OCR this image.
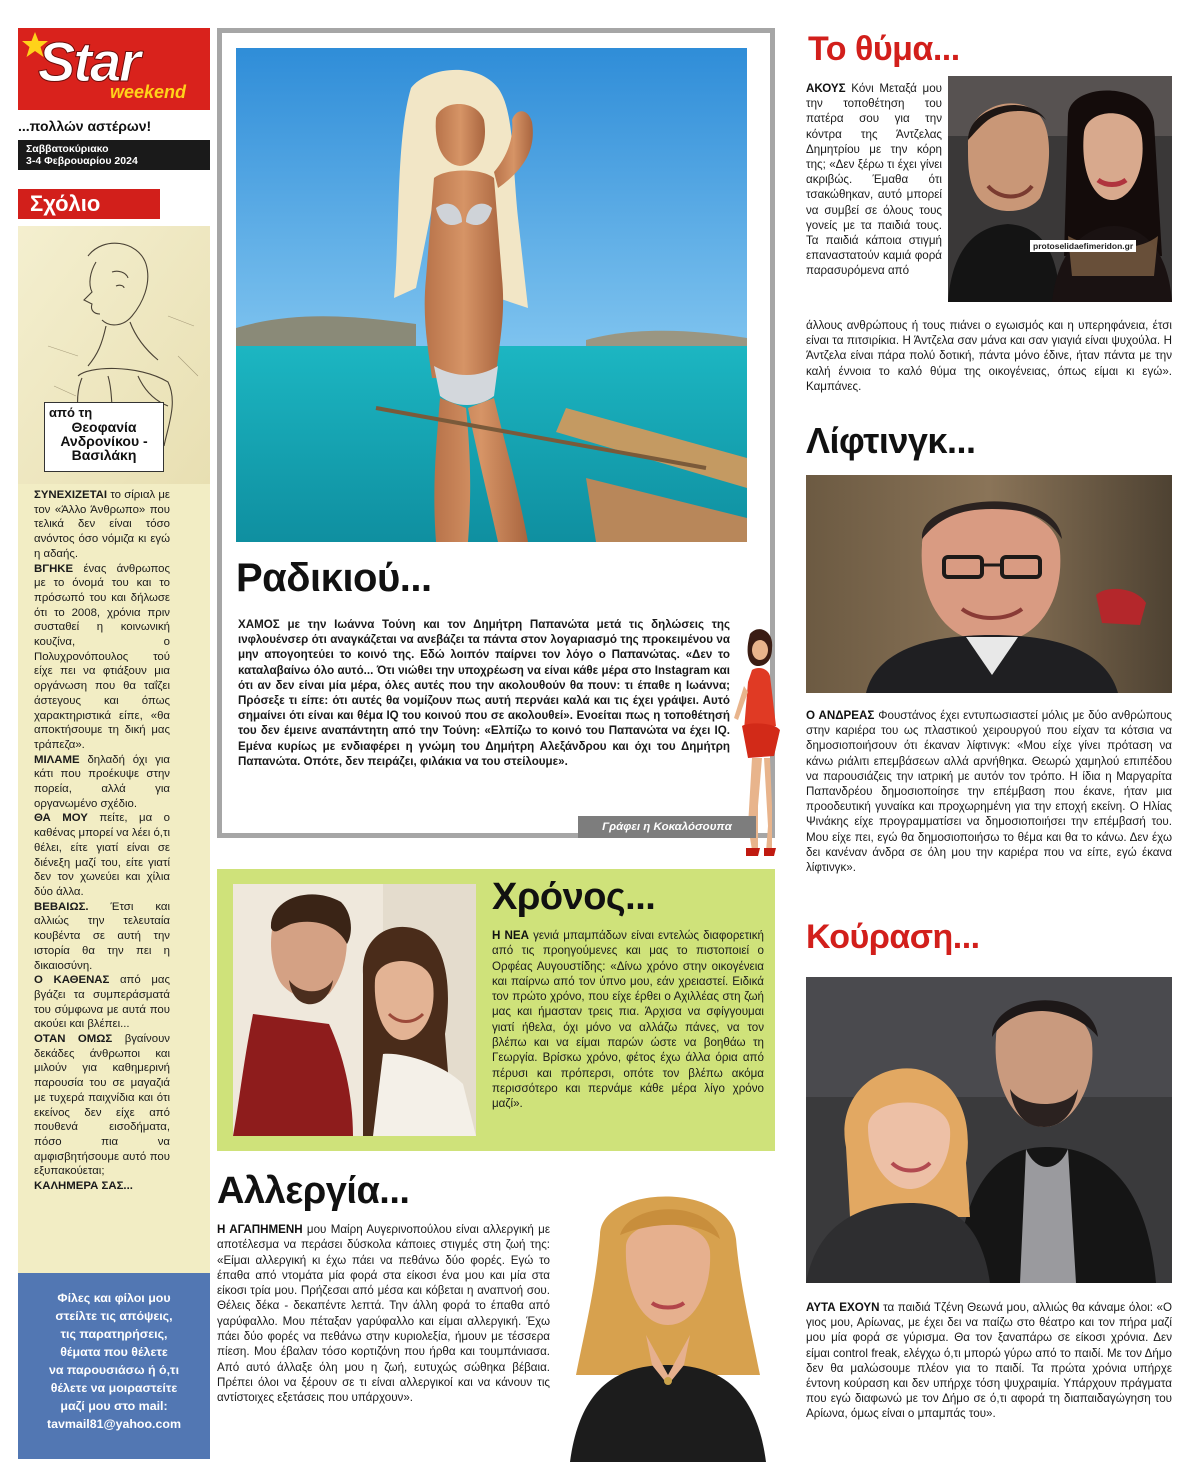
Star
weekend
...πολλών αστέρων!
Σαββατοκύριακο
3-4 Φεβρουαρίου 2024
Σχόλιο
από τη
Θεοφανία Ανδρονίκου - Βασιλάκη

ΣΥΝΕΧΙΖΕΤΑΙ το σίριαλ με τον «Άλλο Άνθρωπο» που τελικά δεν είναι τόσο ανόντος όσο νόμιζα κι εγώ η αδαής.

ΒΓΗΚΕ ένας άνθρωπος με το όνομά του και το πρόσωπό του και δήλωσε ότι το 2008, χρόνια πριν συσταθεί η κοινωνική κουζίνα, ο Πολυχρονόπουλος τού είχε πει να φτιάξουν μια οργάνωση που θα ταΐζει άστεγους και όπως χαρακτηριστικά είπε, «θα αποκτήσουμε τη δική μας τράπεζα».

ΜΙΛΑΜΕ δηλαδή όχι για κάτι που προέκυψε στην πορεία, αλλά για οργανωμένο σχέδιο.

ΘΑ ΜΟΥ πείτε, μα ο καθένας μπορεί να λέει ό,τι θέλει, είτε γιατί είναι σε διένεξη μαζί του, είτε γιατί δεν τον χωνεύει και χίλια δύο άλλα.

ΒΕΒΑΙΩΣ. Έτσι και αλλιώς την τελευταία κουβέντα σε αυτή την ιστορία θα την πει η δικαιοσύνη.

Ο ΚΑΘΕΝΑΣ από μας βγάζει τα συμπεράσματά του σύμφωνα με αυτά που ακούει και βλέπει...

ΟΤΑΝ ΟΜΩΣ βγαίνουν δεκάδες άνθρωποι και μιλούν για καθημερινή παρουσία του σε μαγαζιά με τυχερά παιχνίδια και ότι εκείνος δεν είχε από πουθενά εισοδήματα, πόσο πια να αμφισβητήσουμε αυτό που εξυπακούεται;

ΚΑΛΗΜΕΡΑ ΣΑΣ...

Φίλες και φίλοι μου
στείλτε τις απόψεις,
τις παρατηρήσεις,
θέματα που θέλετε
να παρουσιάσω ή ό,τι
θέλετε να μοιραστείτε
μαζί μου στο mail:
tavmail81@yahoo.com
Ραδικιού...
ΧΑΜΟΣ με την Ιωάννα Τούνη και τον Δημήτρη Παπανώτα μετά τις δηλώσεις της ινφλουένσερ ότι αναγκάζεται να ανεβάζει τα πάντα στον λογαριασμό της προκειμένου να μην απογοητεύει το κοινό της. Εδώ λοιπόν παίρνει τον λόγο ο Παπανώτας. «Δεν το καταλαβαίνω όλο αυτό... Ότι νιώθει την υποχρέωση να είναι κάθε μέρα στο Instagram και ότι αν δεν είναι μία μέρα, όλες αυτές που την ακολουθούν θα πουν: τι έπαθε η Ιωάννα; Πρόσεξε τι είπε: ότι αυτές θα νομίζουν πως αυτή περνάει καλά και τις έχει γράψει. Αυτό σημαίνει ότι είναι και θέμα IQ του κοινού που σε ακολουθεί». Ενοείται πως η τοποθέτησή του δεν έμεινε αναπάντητη από την Τούνη: «Ελπίζω το κοινό του Παπανώτα να έχει IQ. Εμένα κυρίως με ενδιαφέρει η γνώμη του Δημήτρη Αλεξάνδρου και όχι του Δημήτρη Παπανώτα. Οπότε, δεν πειράζει, φιλάκια να του στείλουμε».
Γράφει η Κοκαλόσουπα
Χρόνος...
Η ΝΕΑ γενιά μπαμπάδων είναι εντελώς διαφορετική από τις προηγούμενες και μας το πιστοποιεί ο Ορφέας Αυγουστίδης: «Δίνω χρόνο στην οικογένεια και παίρνω από τον ύπνο μου, εάν χρειαστεί. Ειδικά τον πρώτο χρόνο, που είχε έρθει ο Αχιλλέας στη ζωή μας και ήμασταν τρεις πια. Άρχισα να σφίγγουμαι γιατί ήθελα, όχι μόνο να αλλάζω πάνες, να τον βλέπω και να είμαι παρών ώστε να βοηθάω τη Γεωργία. Βρίσκω χρόνο, φέτος έχω άλλα όρια από πέρυσι και πρόπερσι, οπότε τον βλέπω ακόμα περισσότερο και περνάμε κάθε μέρα λίγο χρόνο μαζί».
Αλλεργία...
Η ΑΓΑΠΗΜΕΝΗ μου Μαίρη Αυγερινοπούλου είναι αλλεργική με αποτέλεσμα να περάσει δύσκολα κάποιες στιγμές στη ζωή της: «Είμαι αλλεργική κι έχω πάει να πεθάνω δύο φορές. Εγώ το έπαθα από ντομάτα μία φορά στα είκοσι ένα μου και μία στα είκοσι τρία μου. Πρήζεσαι από μέσα και κόβεται η αναπνοή σου. Θέλεις δέκα - δεκαπέντε λεπτά. Την άλλη φορά το έπαθα από γαρύφαλλο. Μου πέταξαν γαρύφαλλο και είμαι αλλεργική. Έχω πάει δύο φορές να πεθάνω στην κυριολεξία, ήμουν με τέσσερα πίεση. Μου έβαλαν τόσο κορτιζόνη που ήρθα και τουμπάνιασα. Από αυτό άλλαξε όλη μου η ζωή, ευτυχώς σώθηκα βέβαια. Πρέπει όλοι να ξέρουν σε τι είναι αλλεργικοί και να κάνουν τις αντίστοιχες εξετάσεις που υπάρχουν».
Το θύμα...
protoselidaefimeridon.gr
ΑΚΟΥΣ Κόνι Μεταξά μου την τοποθέτηση του πατέρα σου για την κόντρα της Άντζελας Δημητρίου με την κόρη της; «Δεν ξέρω τι έχει γίνει ακριβώς. Έμαθα ότι τσακώθηκαν, αυτό μπορεί να συμβεί σε όλους τους γονείς με τα παιδιά τους. Τα παιδιά κάποια στιγμή επαναστατούν καμιά φορά παρασυρόμενα από
άλλους ανθρώπους ή τους πιάνει ο εγωισμός και η υπερηφάνεια, έτσι είναι τα πιτσιρίκια. Η Άντζελα σαν μάνα και σαν γιαγιά είναι ψυχούλα. Η Άντζελα είναι πάρα πολύ δοτική, πάντα μόνο έδινε, ήταν πάντα με την καλή έννοια το καλό θύμα της οικογένειας, όπως είμαι κι εγώ». Καμπάνες.
Λίφτινγκ...
Ο ΑΝΔΡΕΑΣ Φουστάνος έχει εντυπωσιαστεί μόλις με δύο ανθρώπους στην καριέρα του ως πλαστικού χειρουργού που είχαν τα κότσια να δημοσιοποιήσουν ότι έκαναν λίφτινγκ: «Μου είχε γίνει πρόταση να κάνω ριάλιτι επεμβάσεων αλλά αρνήθηκα. Θεωρώ χαμηλού επιπέδου να παρουσιάζεις την ιατρική με αυτόν τον τρόπο. Η ίδια η Μαργαρίτα Παπανδρέου δημοσιοποίησε την επέμβαση που έκανε, ήταν μια προοδευτική γυναίκα και προχωρημένη για την εποχή εκείνη. Ο Ηλίας Ψινάκης είχε προγραμματίσει να δημοσιοποιήσει την επέμβασή του. Μου είχε πει, εγώ θα δημοσιοποιήσω το θέμα και θα το κάνω. Δεν έχω δει κανέναν άνδρα σε όλη μου την καριέρα που να είπε, εγώ έκανα λίφτινγκ».
Κούραση...
ΑΥΤΑ ΕΧΟΥΝ τα παιδιά Τζένη Θεωνά μου, αλλιώς θα κάναμε όλοι: «Ο γιος μου, Αρίωνας, με έχει δει να παίζω στο θέατρο και τον πήρα μαζί μου μία φορά σε γύρισμα. Θα τον ξαναπάρω σε είκοσι χρόνια. Δεν είμαι control freak, ελέγχω ό,τι μπορώ γύρω από το παιδί. Με τον Δήμο δεν θα μαλώσουμε πλέον για το παιδί. Τα πρώτα χρόνια υπήρχε έντονη κούραση και δεν υπήρχε τόση ψυχραιμία. Υπάρχουν πράγματα που εγώ διαφωνώ με τον Δήμο σε ό,τι αφορά τη διαπαιδαγώγηση του Αρίωνα, όμως είναι ο μπαμπάς του».
